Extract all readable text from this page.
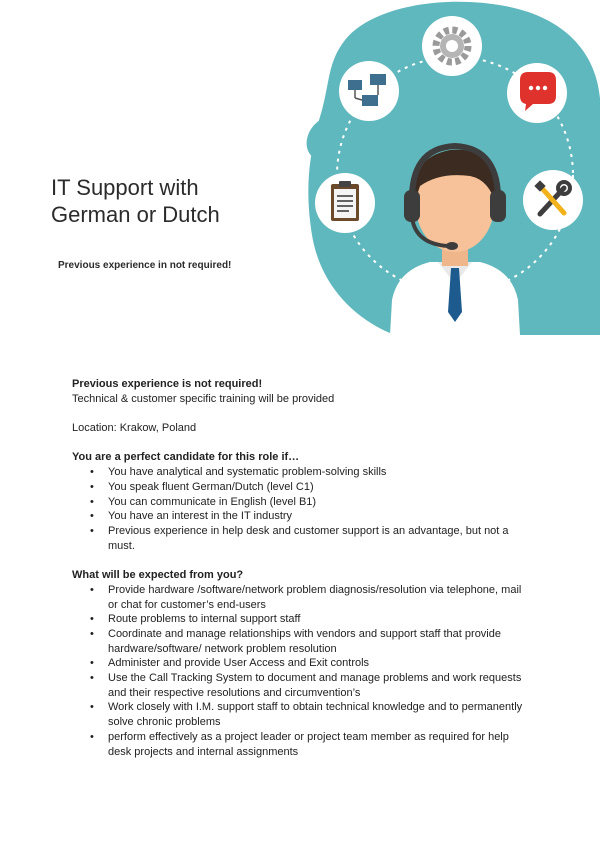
IT Support with
German or Dutch

Previous experience in not required!

Previous experience is not required!

Technical & customer specific training will be provided

Location: Krakow, Poland

You are a perfect candidate for this role if…

• You have analytical and systematic problem-solving skills
• You speak fluent German/Dutch (level C1)
• You can communicate in English (level B1)
• You have an interest in the IT industry
• Previous experience in help desk and customer support is an advantage, but not a must.

What will be expected from you?

• Provide hardware /software/network problem diagnosis/resolution via telephone, mail or chat for customer’s end-users
• Route problems to internal support staff
• Coordinate and manage relationships with vendors and support staff that provide hardware/software/ network problem resolution
• Administer and provide User Access and Exit controls
• Use the Call Tracking System to document and manage problems and work requests and their respective resolutions and circumvention’s
• Work closely with I.M. support staff to obtain technical knowledge and to permanently solve chronic problems
• perform effectively as a project leader or project team member as required for help desk projects and internal assignments
